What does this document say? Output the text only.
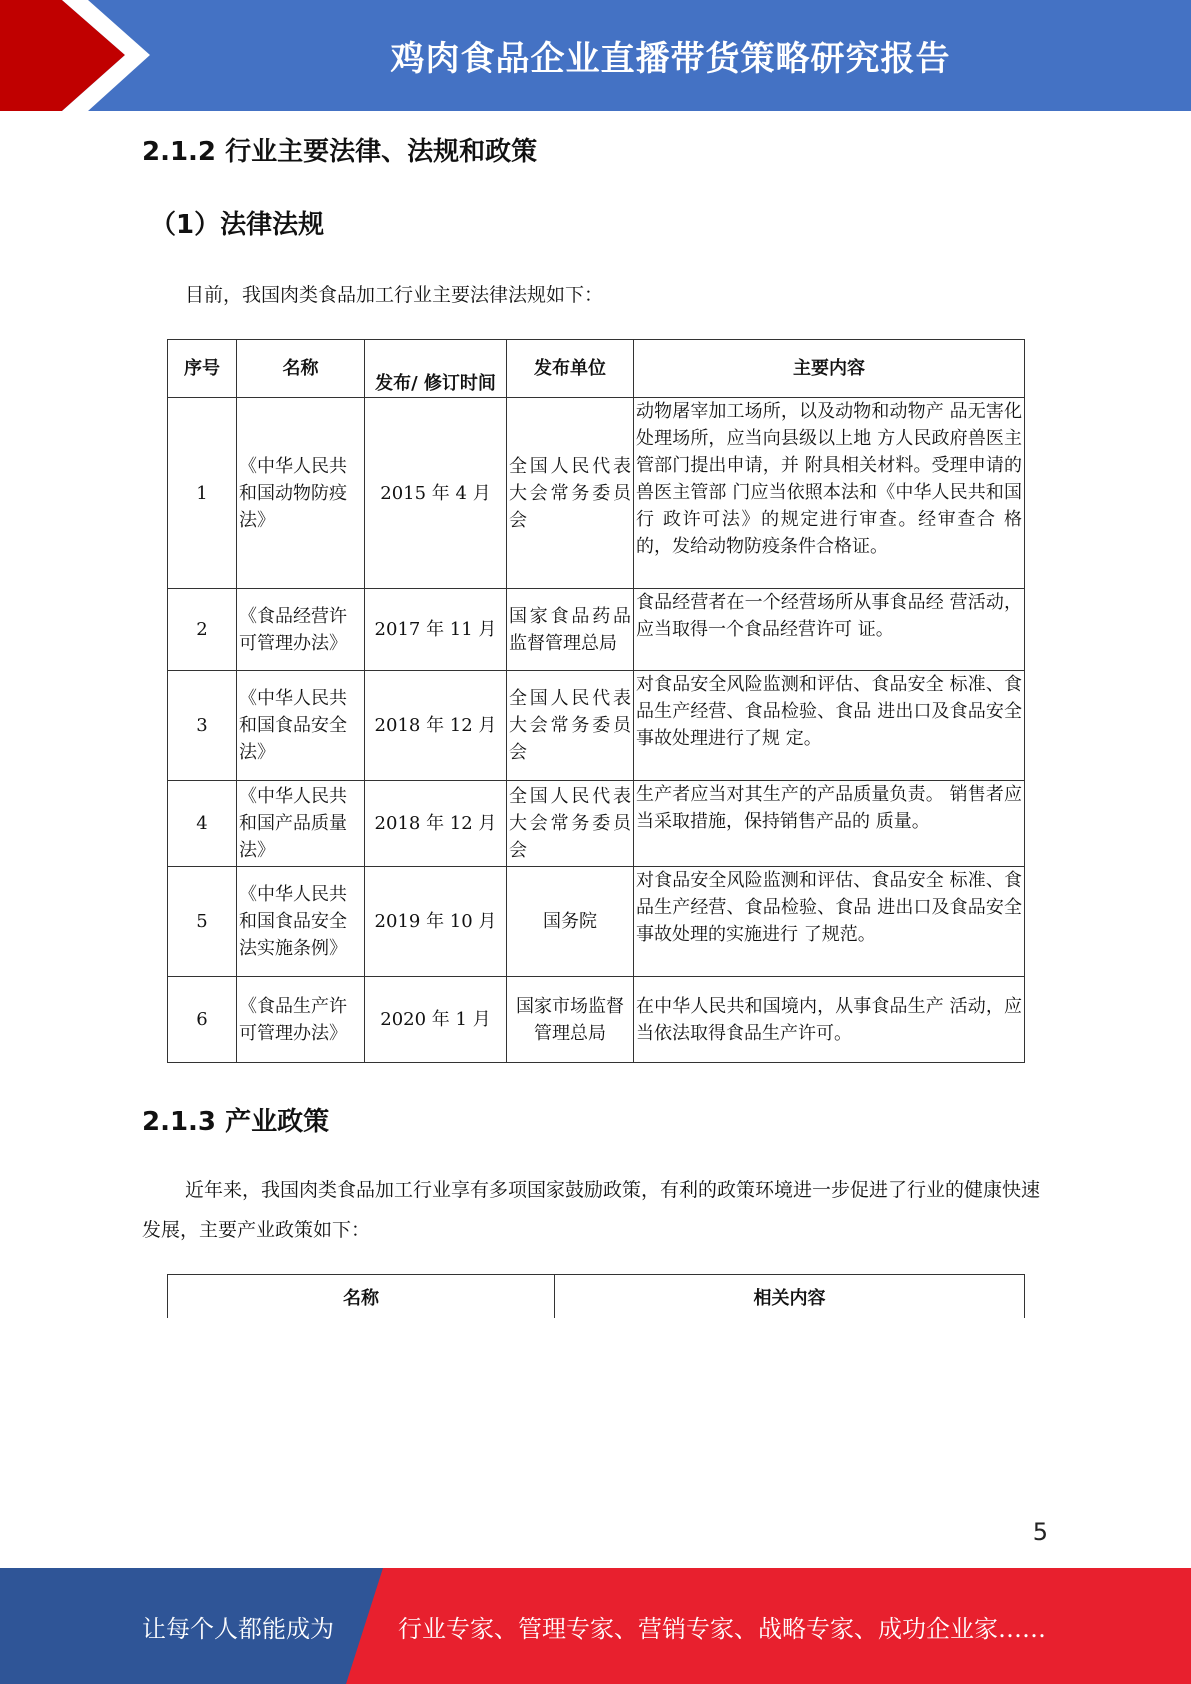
鸡肉食品企业直播带货策略研究报告
2.1.2 行业主要法律、法规和政策
（1）法律法规
目前，我国肉类食品加工行业主要法律法规如下：
序号	名称	发布/ 修订时间	发布单位	主要内容
1	《中华人民共和国动物防疫法》	2015 年 4 月	全国人民代表大会常务委员会	动物屠宰加工场所，以及动物和动物产 品无害化处理场所，应当向县级以上地 方人民政府兽医主管部门提出申请，并 附具相关材料。受理申请的兽医主管部 门应当依照本法和《中华人民共和国行 政许可法》的规定进行审查。经审查合 格的，发给动物防疫条件合格证。
2	《食品经营许可管理办法》	2017 年 11 月	国家食品药品监督管理总局	食品经营者在一个经营场所从事食品经 营活动，应当取得一个食品经营许可 证。
3	《中华人民共和国食品安全法》	2018 年 12 月	全国人民代表大会常务委员会	对食品安全风险监测和评估、食品安全 标准、食品生产经营、食品检验、食品 进出口及食品安全事故处理进行了规 定。
4	《中华人民共和国产品质量法》	2018 年 12 月	全国人民代表大会常务委员会	生产者应当对其生产的产品质量负责。 销售者应当采取措施，保持销售产品的 质量。
5	《中华人民共和国食品安全法实施条例》	2019 年 10 月	国务院	对食品安全风险监测和评估、食品安全 标准、食品生产经营、食品检验、食品 进出口及食品安全事故处理的实施进行 了规范。
6	《食品生产许可管理办法》	2020 年 1 月	国家市场监督管理总局	在中华人民共和国境内，从事食品生产 活动，应当依法取得食品生产许可。
2.1.3 产业政策
近年来，我国肉类食品加工行业享有多项国家鼓励政策，有利的政策环境进一步促进了行业的健康快速发展，主要产业政策如下：
名称	相关内容
5
让每个人都能成为	行业专家、管理专家、营销专家、战略专家、成功企业家……
